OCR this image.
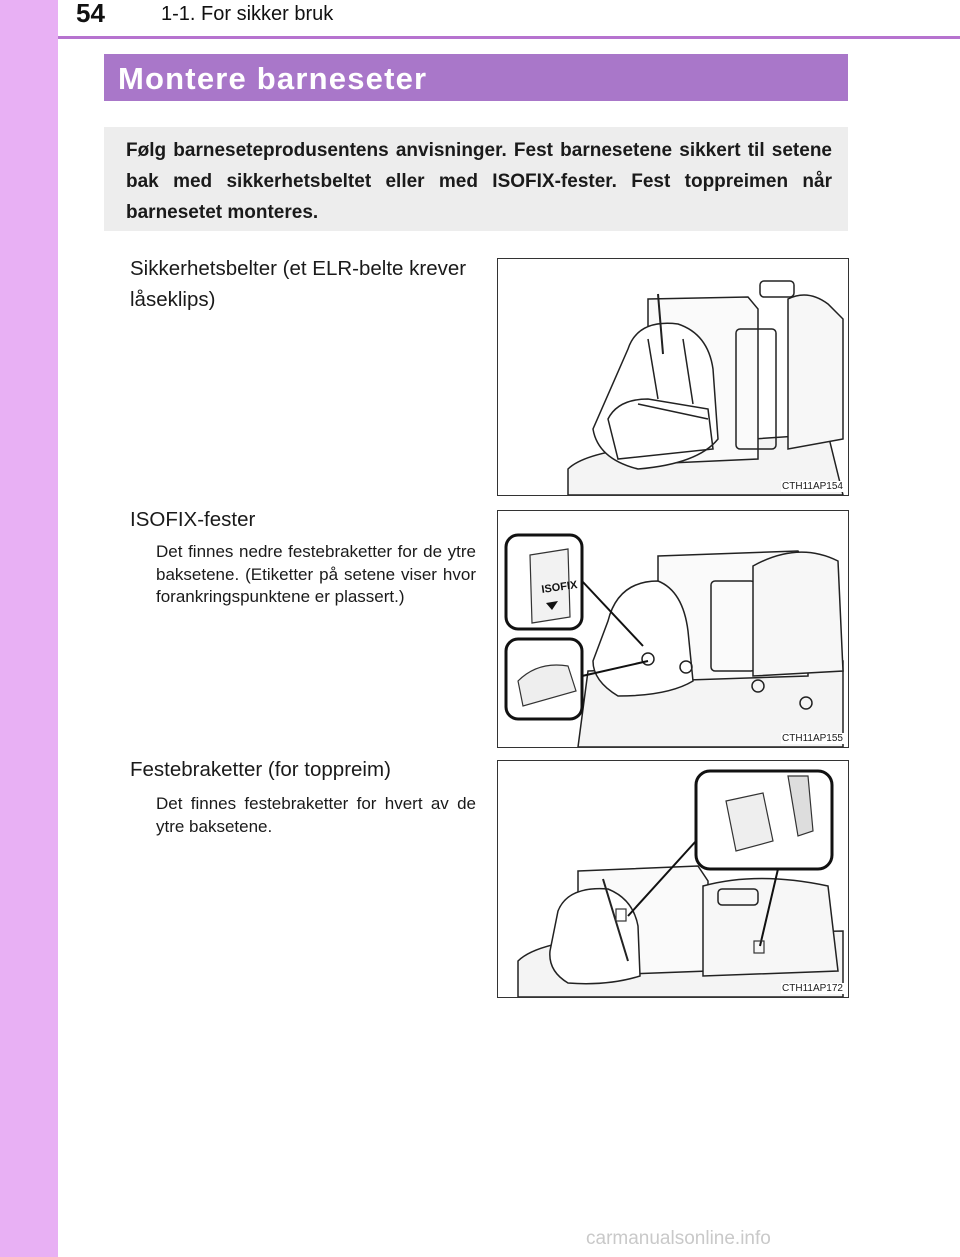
54	1-1. For sikker bruk
Montere barneseter
Følg barneseteprodusentens anvisninger. Fest barnesetene sikkert til setene bak med sikkerhetsbeltet eller med ISOFIX-fester. Fest toppreimen når barnesetet monteres.
Sikkerhetsbelter (et ELR-belte krever låseklips)
CTH11AP154
ISOFIX-fester
Det finnes nedre festebraketter for de ytre baksetene. (Etiketter på setene viser hvor forankringspunktene er plassert.)	ISOFIX
CTH11AP155
Festebraketter (for toppreim)
Det finnes festebraketter for hvert av de ytre baksetene.
CTH11AP172
carmanualsonline.info
